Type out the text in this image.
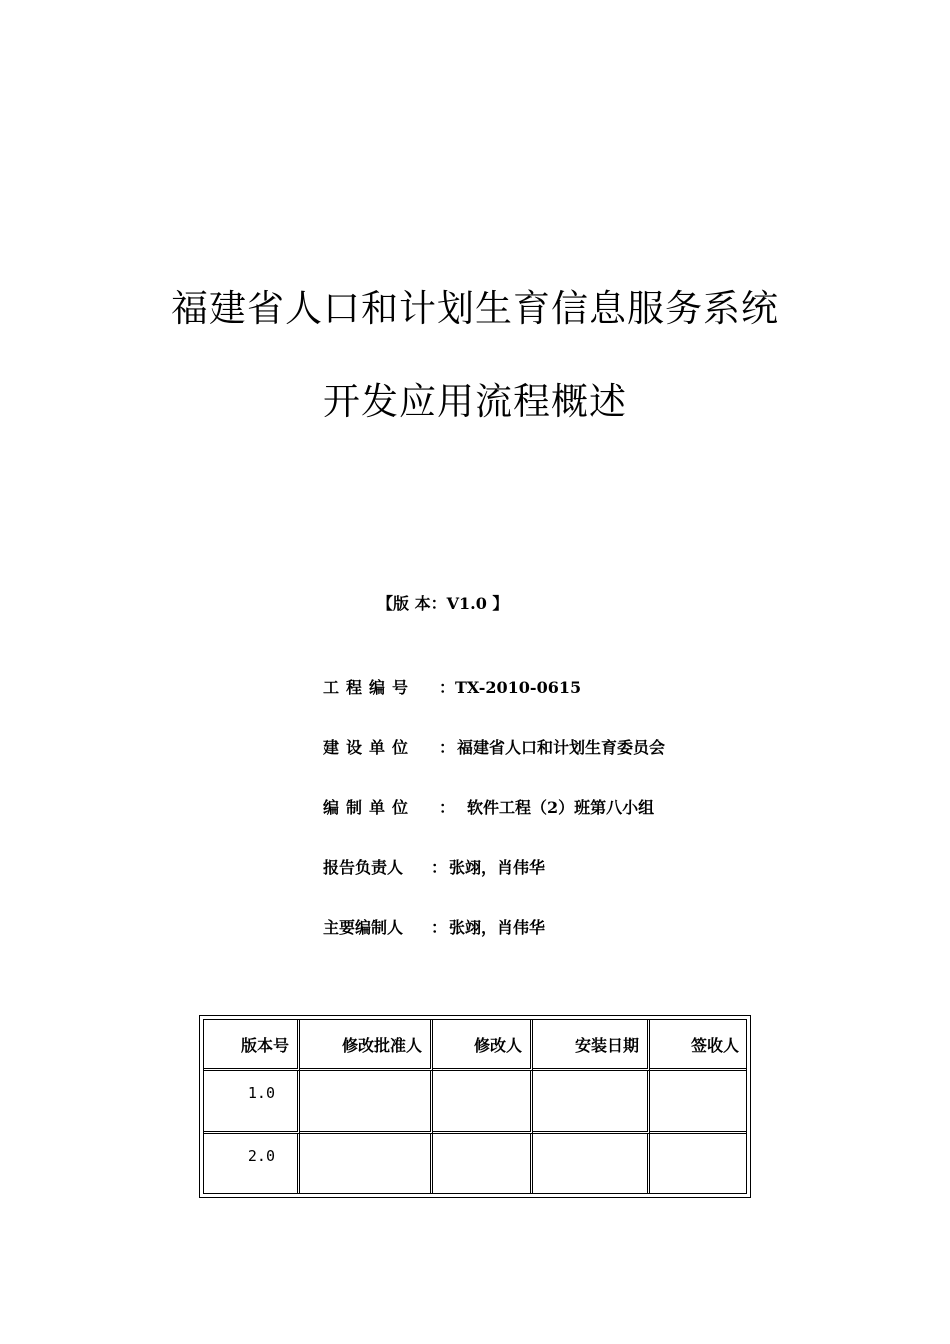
福建省人口和计划生育信息服务系统
开发应用流程概述
【版 本：V1.0 】
工程编号 ： TX-2010-0615
建设单位 ： 福建省人口和计划生育委员会
编制单位 ： 软件工程（2）班第八小组
报告负责人 ： 张翊，肖伟华
主要编制人 ： 张翊，肖伟华
版本号	修改批准人	修改人	安装日期	签收人
1.0
2.0
